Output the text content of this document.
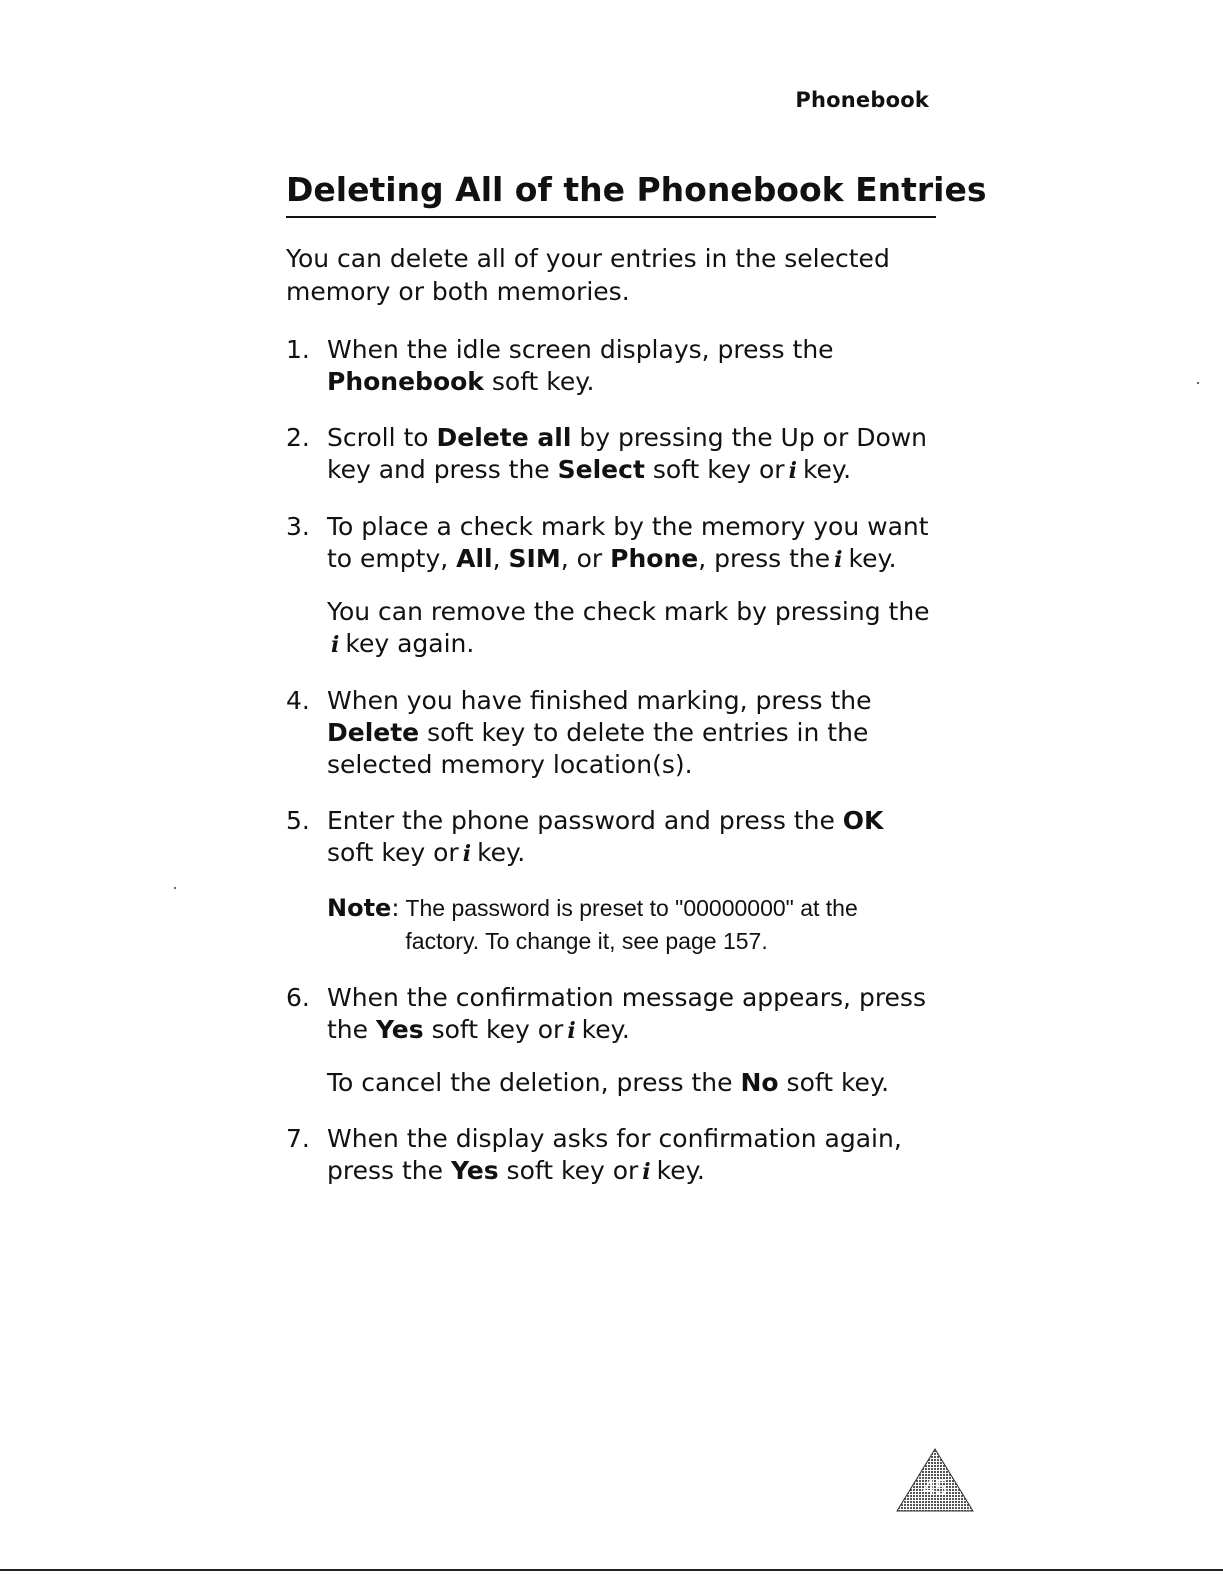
Phonebook
Deleting All of the Phonebook Entries

You can delete all of your entries in the selected memory or both memories.

1. When the idle screen displays, press the Phonebook soft key.

2. Scroll to Delete all by pressing the Up or Down key and press the Select soft key or i key.

3. To place a check mark by the memory you want to empty, All, SIM, or Phone, press the i key.

You can remove the check mark by pressing the i key again.

4. When you have finished marking, press the Delete soft key to delete the entries in the selected memory location(s).

5. Enter the phone password and press the OK soft key or i key.

Note : The password is preset to "00000000" at the factory. To change it, see page 157.
6. When the confirmation message appears, press the Yes soft key or i key.

To cancel the deletion, press the No soft key.

7. When the display asks for confirmation again, press the Yes soft key or i key.

45
